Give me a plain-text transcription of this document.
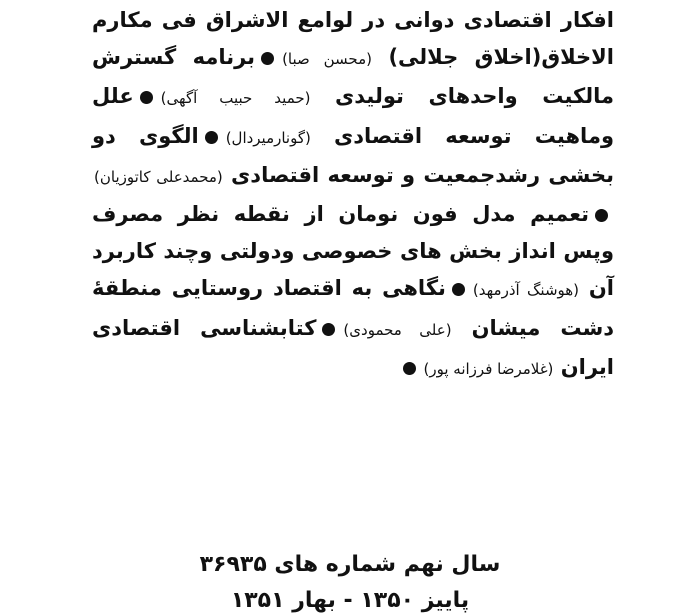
افکار اقتصادی دوانی در لوامع الاشراق فی مکارم الاخلاق(اخلاق جلالی) (محسن صبا)برنامه گسترش مالکیت واحدهای تولیدی (حمید حبیب آگهی)علل وماهیت توسعه اقتصادی (گونارمیردال)الگوی دو بخشی رشدجمعیت و توسعه اقتصادی (محمدعلی کاتوزیان)تعمیم مدل فون نومان از نقطه نظر مصرف وپس انداز بخش های خصوصی ودولتی وچند کاربرد آن (هوشنگ آذرمهد)نگاهی به اقتصاد روستایی منطقهٔ دشت میشان (علی محمودی)کتابشناسی اقتصادی ایران (غلامرضا فرزانه پور)
سال نهم شماره های ۳۶۹۳۵
پاییز ۱۳۵۰ - بهار ۱۳۵۱
